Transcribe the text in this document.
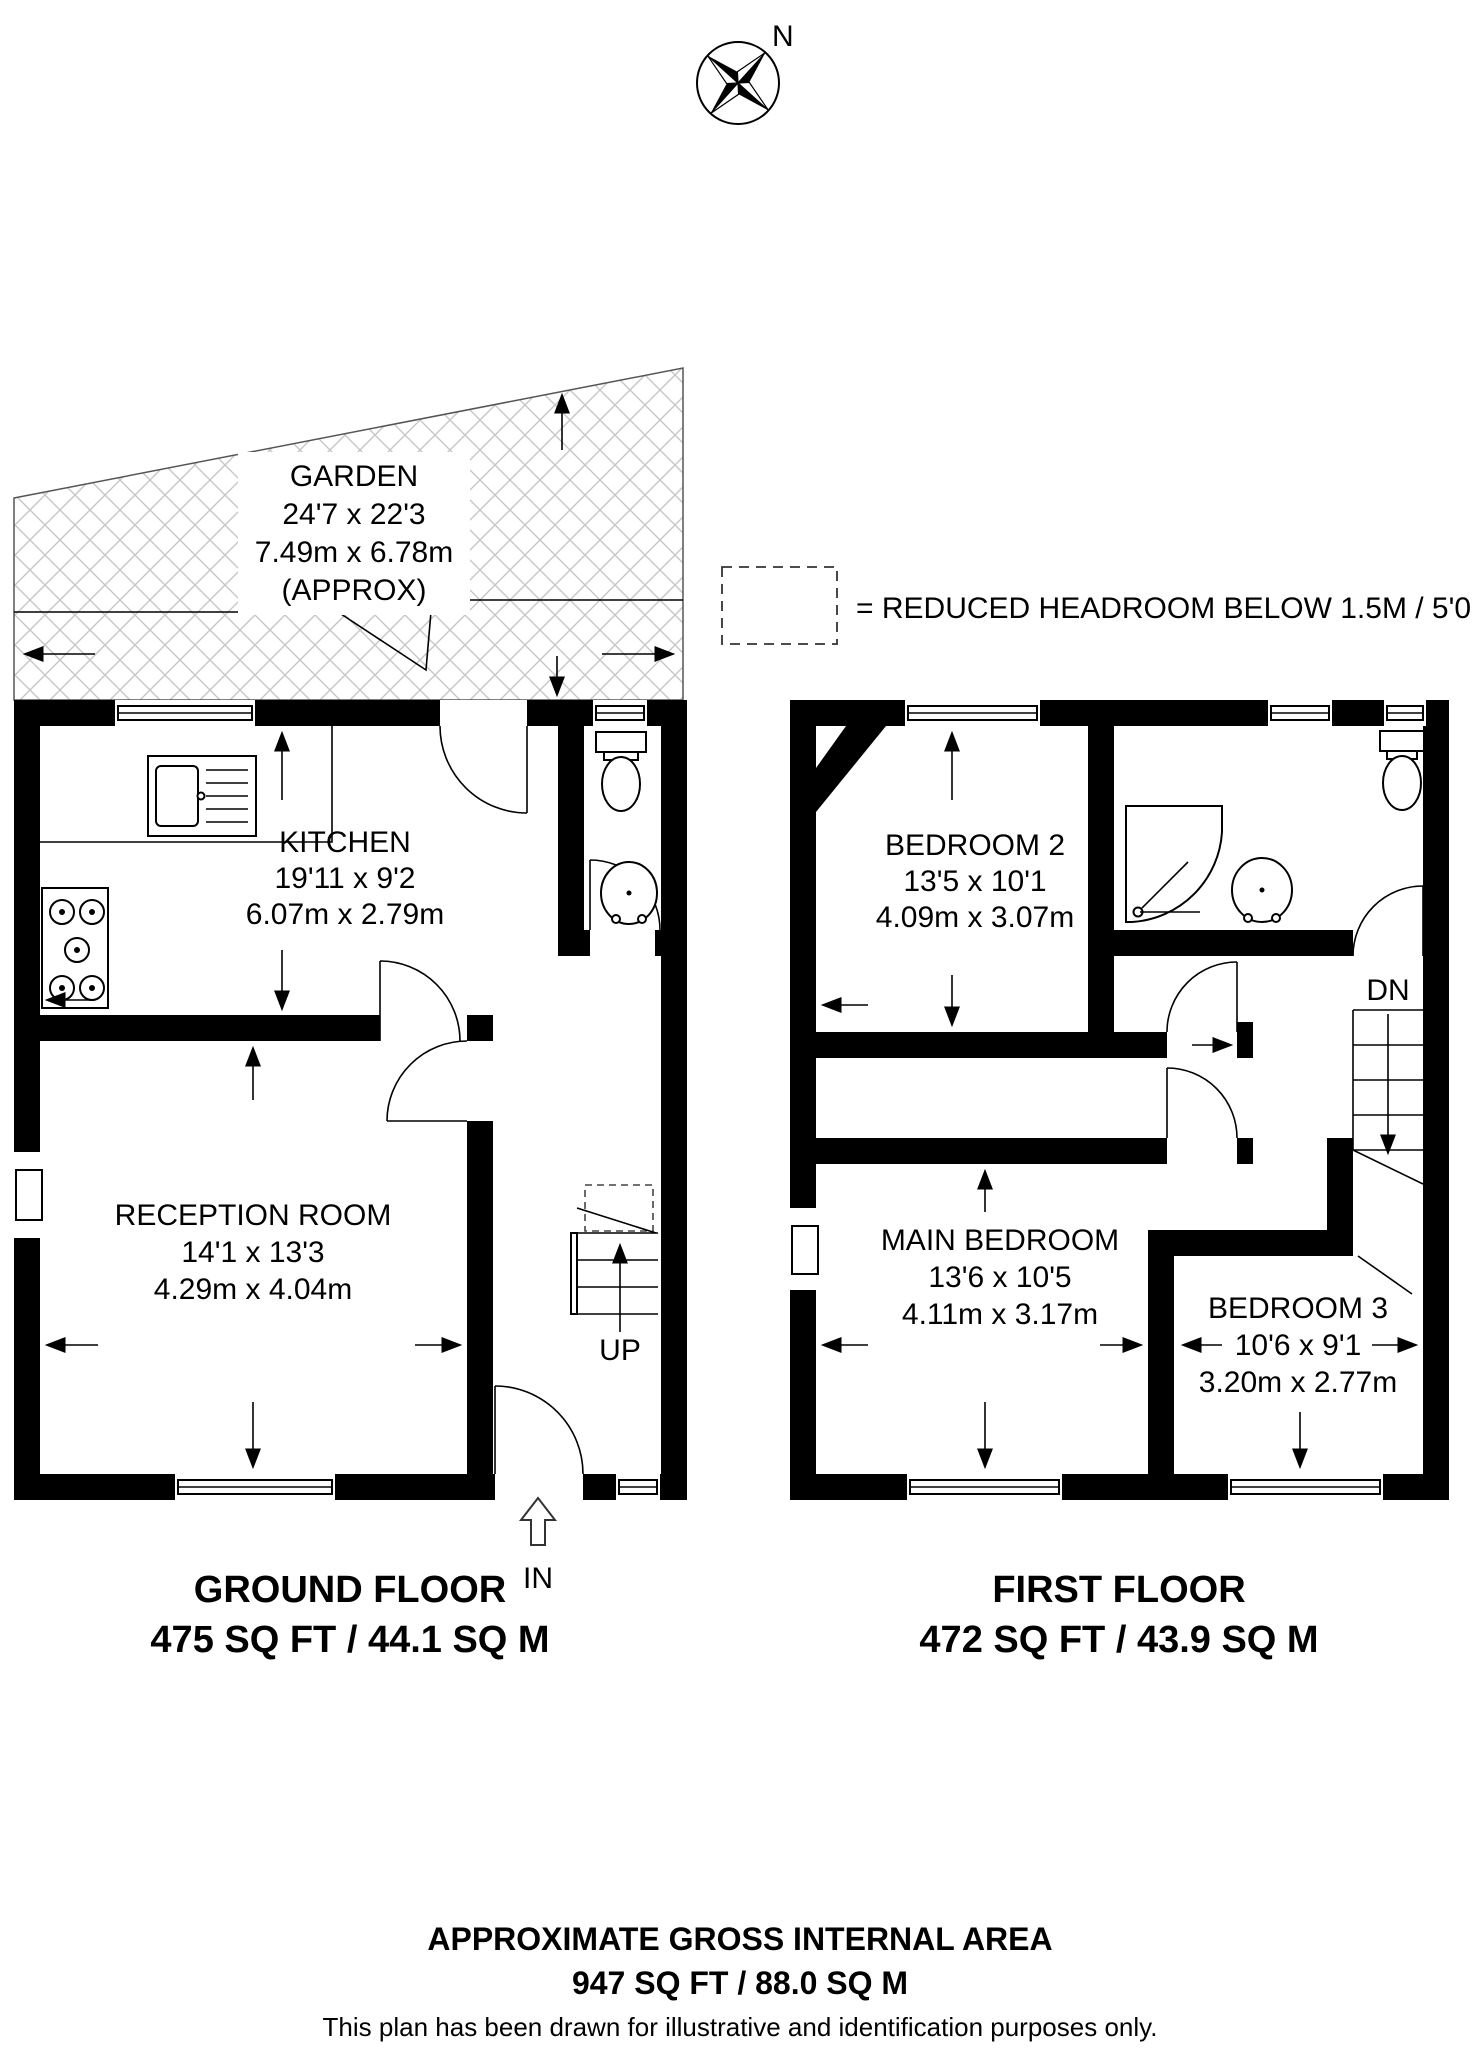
N
= REDUCED HEADROOM BELOW 1.5M / 5'0
GARDEN
24'7 x 22'3
7.49m x 6.78m
(APPROX)
UP
IN
KITCHEN
19'11 x 9'2
6.07m x 2.79m
RECEPTION ROOM
14'1 x 13'3
4.29m x 4.04m
DN
BEDROOM 2
13'5 x 10'1
4.09m x 3.07m
MAIN BEDROOM
13'6 x 10'5
4.11m x 3.17m	BEDROOM 3
10'6 x 9'1
3.20m x 2.77m
GROUND FLOOR
475 SQ FT / 44.1 SQ M
FIRST FLOOR
472 SQ FT / 43.9 SQ M
APPROXIMATE GROSS INTERNAL AREA
947 SQ FT / 88.0 SQ M
This plan has been drawn for illustrative and identification purposes only.
